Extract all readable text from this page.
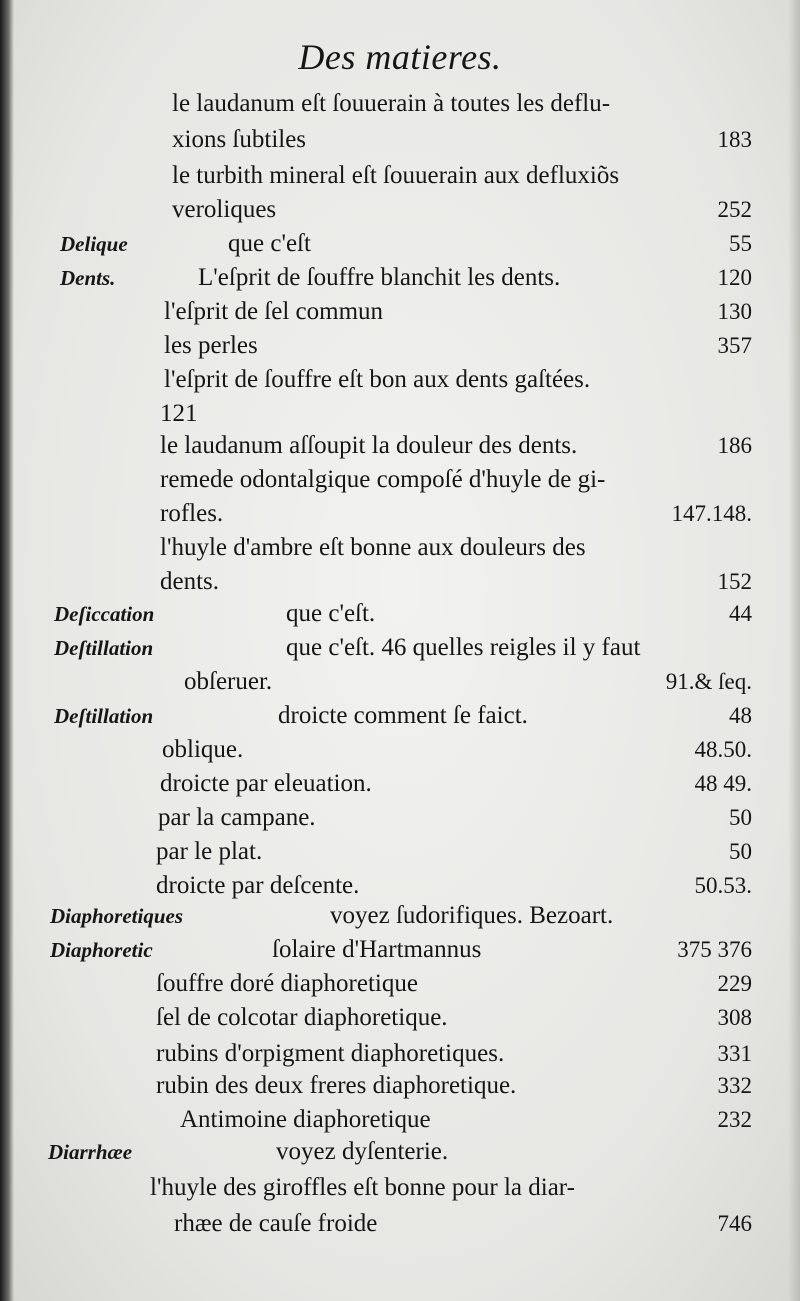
Des matieres.
le laudanum eſt ſouuerain à toutes les deflu-
xions ſubtiles	183
le turbith mineral eſt ſouuerain aux defluxiõs
veroliques	252
Delique	que c'eſt	55
Dents.	L'eſprit de ſouffre blanchit les dents.	120
l'eſprit de ſel commun	130
les perles	357
l'eſprit de ſouffre eſt bon aux dents gaſtées.
121
le laudanum aſſoupit la douleur des dents.	186
remede odontalgique compoſé d'huyle de gi-
rofles.	147.148.
l'huyle d'ambre eſt bonne aux douleurs des
dents.	152
Deſiccation	que c'eſt.	44
Deſtillation	que c'eſt. 46 quelles reigles il y faut
obſeruer.	91.& ſeq.
Deſtillation	droicte comment ſe faict.	48
oblique.	48.50.
droicte par eleuation.	48 49.
par la campane.	50
par le plat.	50
droicte par deſcente.	50.53.
Diaphoretiques	voyez ſudorifiques. Bezoart.
Diaphoretic	ſolaire d'Hartmannus	375 376
ſouffre doré diaphoretique	229
ſel de colcotar diaphoretique.	308
rubins d'orpigment diaphoretiques.	331
rubin des deux freres diaphoretique.	332
Antimoine diaphoretique	232
Diarrhæe	voyez dyſenterie.
l'huyle des giroffles eſt bonne pour la diar-
rhæe de cauſe froide	746
